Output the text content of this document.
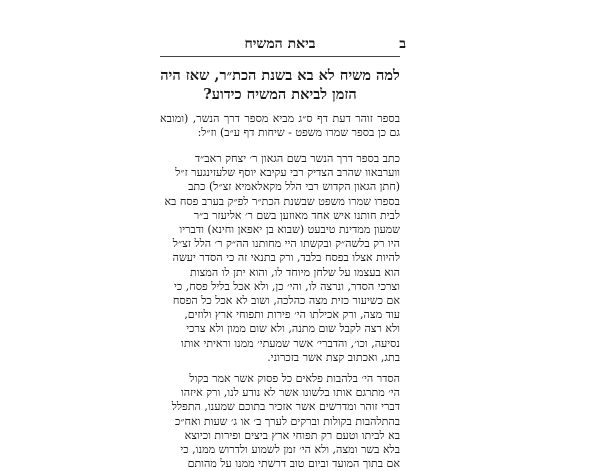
ביאת המשיח	ב
למה משיח לא בא בשנת הכת״ר, שאז היה
הזמן לביאת המשיח כידוע?
בספר זוהר דעת דף ס״ג מביא מספר דרך הנשר, (ומובא גם כן בספר שמרו משפט - שיחות דף ע״ב) וז״ל:
כתב בספר דרך הנשר בשם הגאון ר׳ יצחק ראב״ד
ווערבאוו שהרב הצדיק רבי עקיבא יוסף שלעזינגער ז״ל
(חתן הגאון הקדוש רבי הלל מקאלאמיא זצ״ל) כתב
בספרו שמרו משפט שבשנת הכת״ר לפ״ק בערב פסח בא
לבית חותנו איש אחד מאוזען בשם ר׳ אליעזר ב״ר
שמעון ממדינת טיבעט (שבוא בן יאפאן וחינא) ודבריו
היו רק בלשה״ק ובקשתו היי מחותנו הה״ק ר׳ הלל זצ״ל
להיות אצלו בפסח בלבד, ורק בתנאי זה כי הסדר יעשה
הוא בעצמו על שלחן מיוחד לו, והוא יתן לו המצות
וצרכי הסדר, ונרצה לו, והי׳ כן, ולא אכל בליל פסח, כי
אם כשיעור כזית מצה כהלכה, ושוב לא אכל כל הפסח
עוד מצה, ורק אכילתו הי׳ פירות ותפוחי ארץ ולוזים,
ולא רצה לקבל שום מתנה, ולא שום ממון ולא צרכי
נסיעה, וכו׳, והדברי׳ אשר שמעתי׳ ממנו וראיתי אותו
בתג, ואכתוב קצת אשר בזכרוני.
הסדר הי׳ בלהבות פלאים כל פסוק אשר אמר בקול
הי׳ מתרגם אותו בלשונו אשר לא נודע לנו, ורק איזהו
דברי זוהר ומדרשים אשר אזכיר בתוכם שמענו, התפלל
בהתלהבות בקולות וברקים לערך ב׳ או ג׳ שעות ואח״כ
בא לביתו וטעם רק תפוחי ארץ ביצים ופירות וכיוצא
בלא בשר ומצה, ולא הי׳ זמן לשמוע ולדרוש ממנו, כי
אם בתוך המועד וביום טוב דרשתי ממנו על מהותם
